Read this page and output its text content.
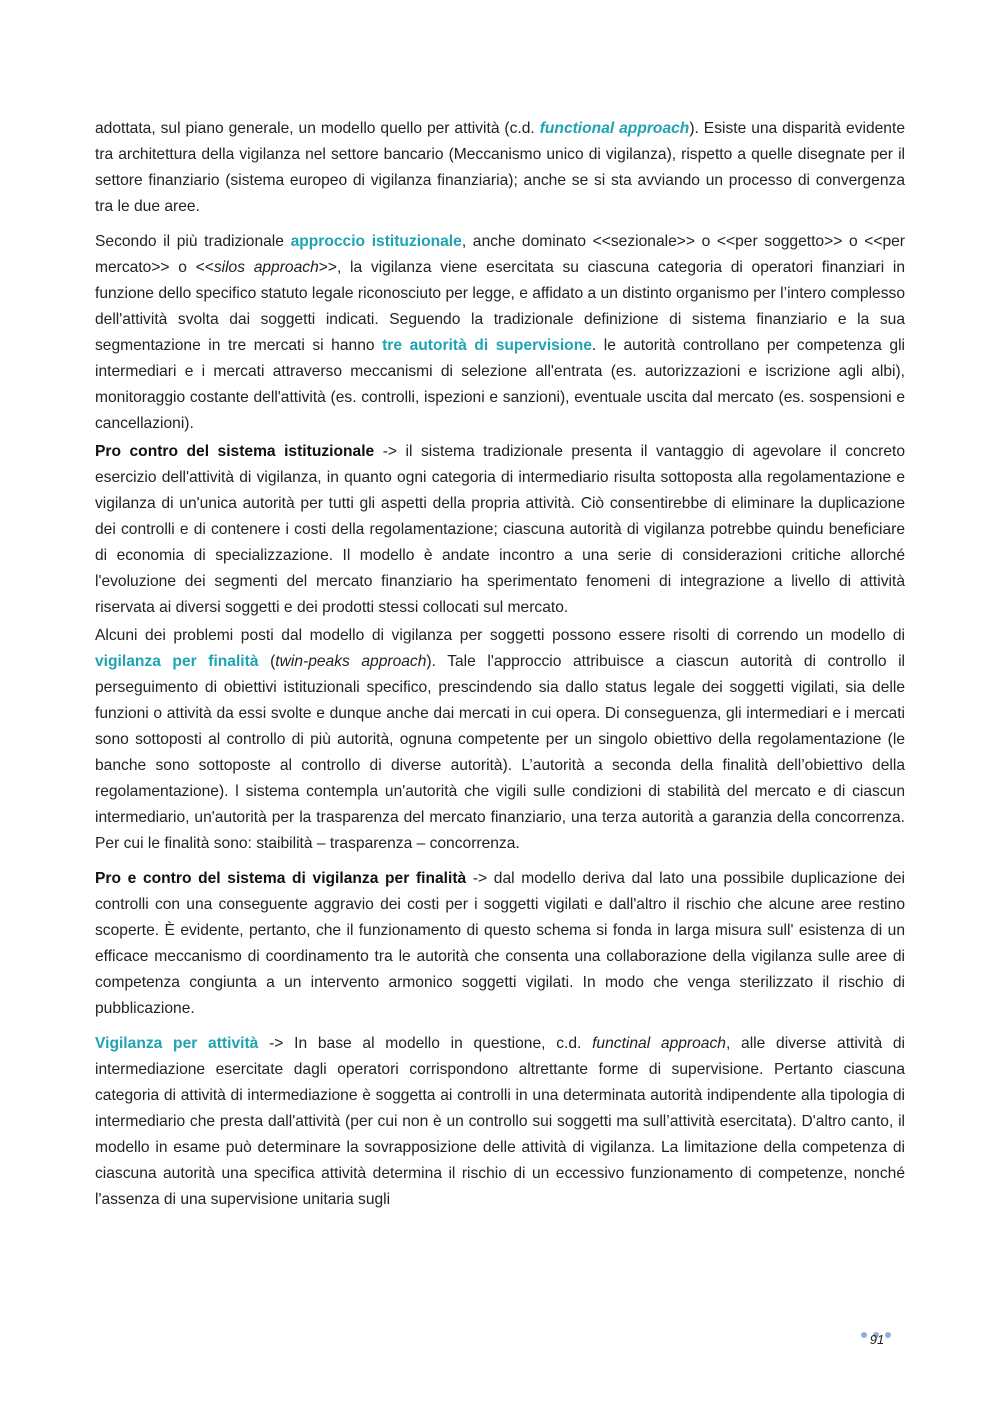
adottata, sul piano generale, un modello quello per attività (c.d. functional approach). Esiste una disparità evidente tra architettura della vigilanza nel settore bancario (Meccanismo unico di vigilanza), rispetto a quelle disegnate per il settore finanziario (sistema europeo di vigilanza finanziaria); anche se si sta avviando un processo di convergenza tra le due aree.

Secondo il più tradizionale approccio istituzionale, anche dominato <<sezionale>> o <<per soggetto>> o <<per mercato>> o <<silos approach>>, la vigilanza viene esercitata su ciascuna categoria di operatori finanziari in funzione dello specifico statuto legale riconosciuto per legge, e affidato a un distinto organismo per l’intero complesso dell'attività svolta dai soggetti indicati. Seguendo la tradizionale definizione di sistema finanziario e la sua segmentazione in tre mercati si hanno tre autorità di supervisione. le autorità controllano per competenza gli intermediari e i mercati attraverso meccanismi di selezione all'entrata (es. autorizzazioni e iscrizione agli albi), monitoraggio costante dell'attività (es. controlli, ispezioni e sanzioni), eventuale uscita dal mercato (es. sospensioni e cancellazioni).

Pro contro del sistema istituzionale -> il sistema tradizionale presenta il vantaggio di agevolare il concreto esercizio dell'attività di vigilanza, in quanto ogni categoria di intermediario risulta sottoposta alla regolamentazione e vigilanza di un'unica autorità per tutti gli aspetti della propria attività. Ciò consentirebbe di eliminare la duplicazione dei controlli e di contenere i costi della regolamentazione; ciascuna autorità di vigilanza potrebbe quindu beneficiare di economia di specializzazione. Il modello è andate incontro a una serie di considerazioni critiche allorché l'evoluzione dei segmenti del mercato finanziario ha sperimentato fenomeni di integrazione a livello di attività riservata ai diversi soggetti e dei prodotti stessi collocati sul mercato.

Alcuni dei problemi posti dal modello di vigilanza per soggetti possono essere risolti di correndo un modello di vigilanza per finalità (twin-peaks approach). Tale l'approccio attribuisce a ciascun autorità di controllo il perseguimento di obiettivi istituzionali specifico, prescindendo sia dallo status legale dei soggetti vigilati, sia delle funzioni o attività da essi svolte e dunque anche dai mercati in cui opera. Di conseguenza, gli intermediari e i mercati sono sottoposti al controllo di più autorità, ognuna competente per un singolo obiettivo della regolamentazione (le banche sono sottoposte al controllo di diverse autorità). L’autorità a seconda della finalità dell’obiettivo della regolamentazione). l sistema contempla un'autorità che vigili sulle condizioni di stabilità del mercato e di ciascun intermediario, un'autorità per la trasparenza del mercato finanziario, una terza autorità a garanzia della concorrenza. Per cui le finalità sono: staibilità – trasparenza – concorrenza.

Pro e contro del sistema di vigilanza per finalità -> dal modello deriva dal lato una possibile duplicazione dei controlli con una conseguente aggravio dei costi per i soggetti vigilati e dall'altro il rischio che alcune aree restino scoperte. È evidente, pertanto, che il funzionamento di questo schema si fonda in larga misura sull' esistenza di un efficace meccanismo di coordinamento tra le autorità che consenta una collaborazione della vigilanza sulle aree di competenza congiunta a un intervento armonico soggetti vigilati. In modo che venga sterilizzato il rischio di pubblicazione.

Vigilanza per attività -> In base al modello in questione, c.d. functinal approach, alle diverse attività di intermediazione esercitate dagli operatori corrispondono altrettante forme di supervisione. Pertanto ciascuna categoria di attività di intermediazione è soggetta ai controlli in una determinata autorità indipendente alla tipologia di intermediario che presta dall'attività (per cui non è un controllo sui soggetti ma sull’attività esercitata). D'altro canto, il modello in esame può determinare la sovrapposizione delle attività di vigilanza. La limitazione della competenza di ciascuna autorità una specifica attività determina il rischio di un eccessivo funzionamento di competenze, nonché l'assenza di una supervisione unitaria sugli

91
